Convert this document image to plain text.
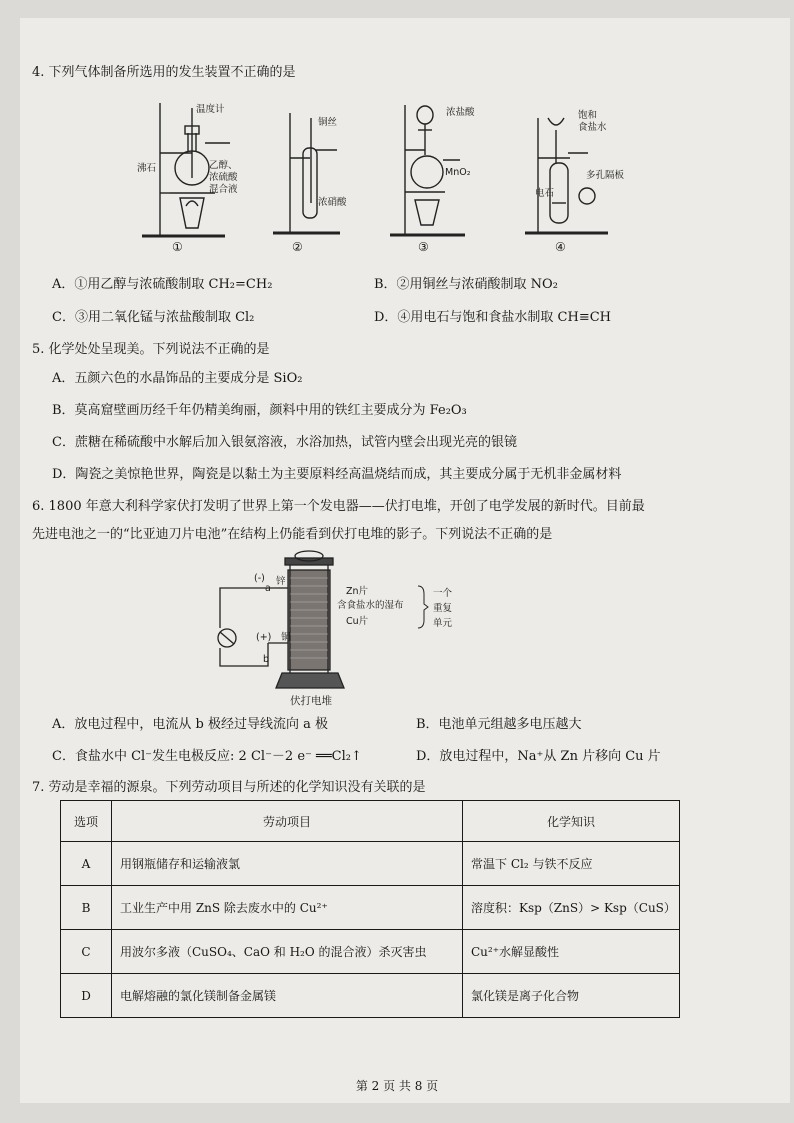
4. 下列气体制备所选用的发生装置不正确的是
温度计
沸石	乙醇、
浓硫酸
混合液
①
铜丝
浓硝酸
②
浓盐酸
MnO₂
③
饱和
食盐水
多孔隔板
电石
④
A．①用乙醇与浓硫酸制取 CH₂=CH₂	B．②用铜丝与浓硝酸制取 NO₂
C．③用二氧化锰与浓盐酸制取 Cl₂	D．④用电石与饱和食盐水制取 CH≡CH
5. 化学处处呈现美。下列说法不正确的是
A．五颜六色的水晶饰品的主要成分是 SiO₂
B．莫高窟壁画历经千年仍精美绚丽，颜料中用的铁红主要成分为 Fe₂O₃
C．蔗糖在稀硫酸中水解后加入银氨溶液，水浴加热，试管内壁会出现光亮的银镜
D．陶瓷之美惊艳世界，陶瓷是以黏土为主要原料经高温烧结而成，其主要成分属于无机非金属材料
6. 1800 年意大利科学家伏打发明了世界上第一个发电器——伏打电堆，开创了电学发展的新时代。目前最
先进电池之一的“比亚迪刀片电池”在结构上仍能看到伏打电堆的影子。下列说法不正确的是
(-)
a
锌
(+) 铜
b
Zn片
含食盐水的湿布
Cu片
一个
重复
单元
伏打电堆
A．放电过程中，电流从 b 极经过导线流向 a 极	B．电池单元组越多电压越大
C．食盐水中 Cl⁻发生电极反应: 2 Cl⁻－2 e⁻ ══Cl₂↑	D．放电过程中，Na⁺从 Zn 片移向 Cu 片
7. 劳动是幸福的源泉。下列劳动项目与所述的化学知识没有关联的是
选项	劳动项目	化学知识
A	用钢瓶储存和运输液氯	常温下 Cl₂ 与铁不反应
B	工业生产中用 ZnS 除去废水中的 Cu²⁺	溶度积：Ksp（ZnS）> Ksp（CuS）
C	用波尔多液（CuSO₄、CaO 和 H₂O 的混合液）杀灭害虫	Cu²⁺水解显酸性
D	电解熔融的氯化镁制备金属镁	氯化镁是离子化合物
第 2 页 共 8 页
